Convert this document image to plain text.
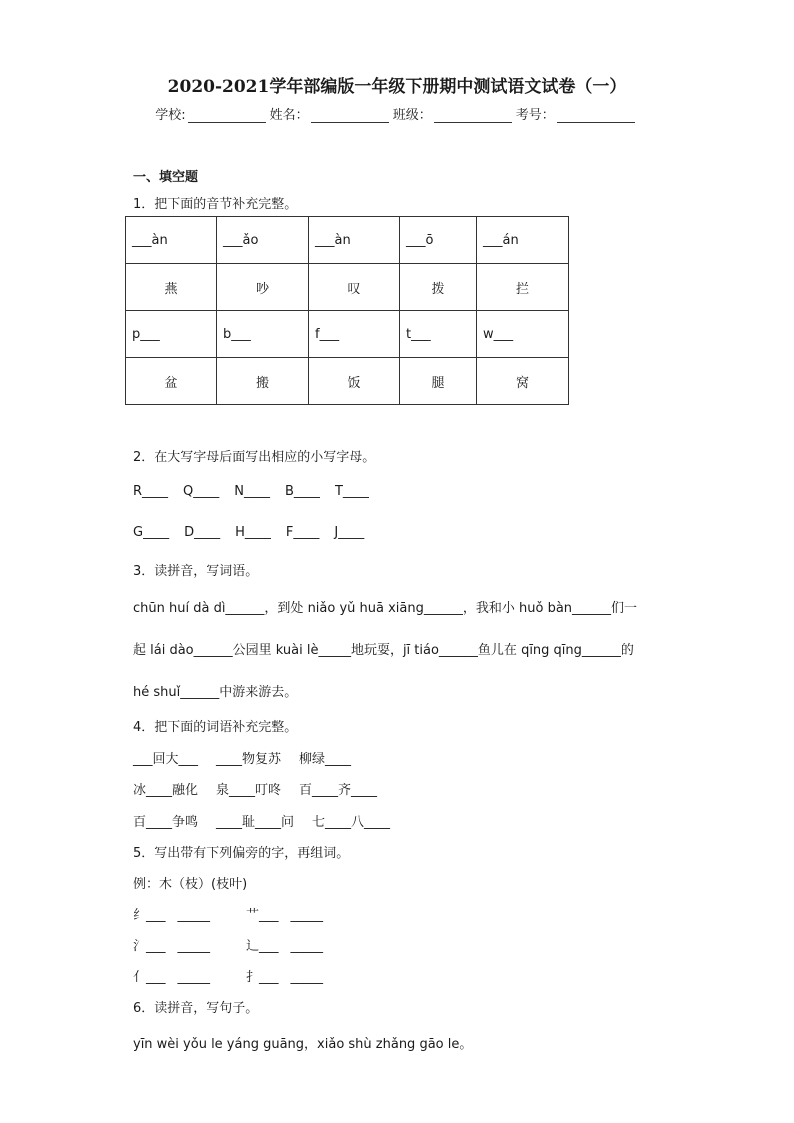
2020-2021学年部编版一年级下册期中测试语文试卷（一）
学校:	姓名：	班级：	考号：
一、填空题
1．把下面的音节补充完整。
___àn	___ǎo	___àn	___ō	___án
燕	吵	叹	拨	拦
p___	b___	f___	t___	w___
盆	搬	饭	腿	窝
2．在大写字母后面写出相应的小写字母。
R____ Q____ N____ B____ T____
G____ D____ H____ F____ J____
3．读拼音，写词语。
chūn huí dà dì______，到处 niǎo yǔ huā xiāng______，我和小 huǒ bàn______们一
起 lái dào______公园里 kuài lè_____地玩耍，jī tiáo______鱼儿在 qīng qīng______的
hé shuǐ______中游来游去。
4．把下面的词语补充完整。
___回大___ ____物复苏 柳绿____
冰____融化 泉____叮咚 百____齐____
百____争鸣 ____耻____问 七____八____
5．写出带有下列偏旁的字，再组词。
例：木（枝）(枝叶)
纟___ _____	艹___ _____
氵___ _____	辶___ _____
亻___ _____	扌___ _____
6．读拼音，写句子。
yīn wèi yǒu le yáng guāng，xiǎo shù zhǎng gāo le。
